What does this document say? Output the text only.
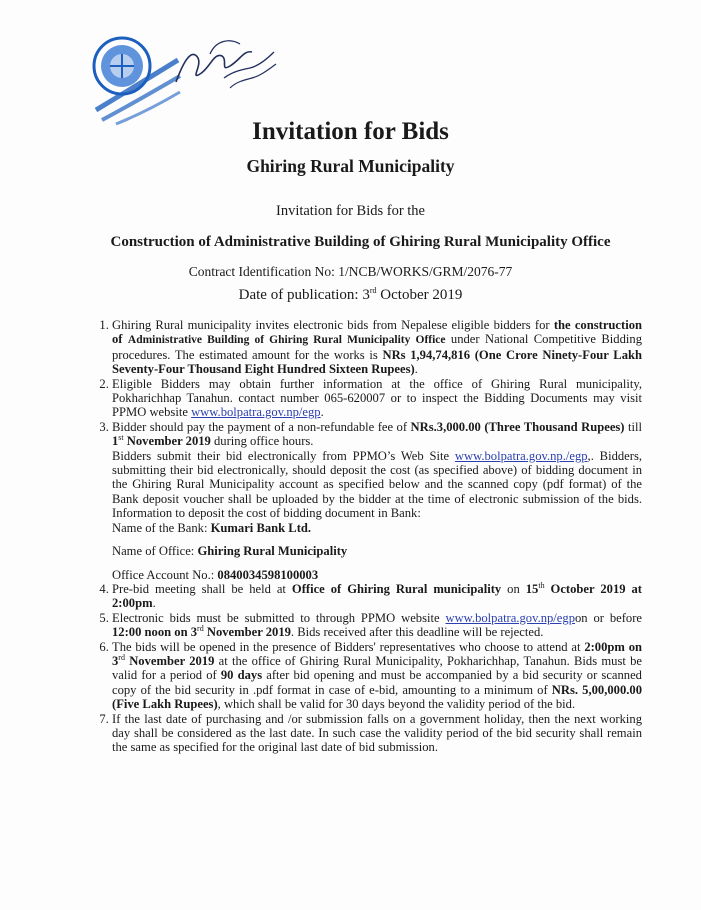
Invitation for Bids
Ghiring Rural Municipality
Invitation for Bids for the
Construction of Administrative Building of Ghiring Rural Municipality Office
Contract Identification No: 1/NCB/WORKS/GRM/2076-77
Date of publication: 3rd October 2019
1. Ghiring Rural municipality invites electronic bids from Nepalese eligible bidders for the construction of Administrative Building of Ghiring Rural Municipality Office under National Competitive Bidding procedures. The estimated amount for the works is NRs 1,94,74,816 (One Crore Ninety-Four Lakh Seventy-Four Thousand Eight Hundred Sixteen Rupees).
2. Eligible Bidders may obtain further information at the office of Ghiring Rural municipality, Pokharichhap Tanahun. contact number 065-620007 or to inspect the Bidding Documents may visit PPMO website www.bolpatra.gov.np/egp.
3. Bidder should pay the payment of a non-refundable fee of NRs.3,000.00 (Three Thousand Rupees) till 1st November 2019 during office hours.
Bidders submit their bid electronically from PPMO’s Web Site www.bolpatra.gov.np./egp,. Bidders, submitting their bid electronically, should deposit the cost (as specified above) of bidding document in the Ghiring Rural Municipality account as specified below and the scanned copy (pdf format) of the Bank deposit voucher shall be uploaded by the bidder at the time of electronic submission of the bids. Information to deposit the cost of bidding document in Bank:
Name of the Bank: Kumari Bank Ltd.

Name of Office: Ghiring Rural Municipality

Office Account No.: 0840034598100003

4. Pre-bid meeting shall be held at Office of Ghiring Rural municipality on 15th October 2019 at 2:00pm.
5. Electronic bids must be submitted to through PPMO website www.bolpatra.gov.np/egpon or before 12:00 noon on 3rd November 2019. Bids received after this deadline will be rejected.
6. The bids will be opened in the presence of Bidders' representatives who choose to attend at 2:00pm on 3rd November 2019 at the office of Ghiring Rural Municipality, Pokharichhap, Tanahun. Bids must be valid for a period of 90 days after bid opening and must be accompanied by a bid security or scanned copy of the bid security in .pdf format in case of e-bid, amounting to a minimum of NRs. 5,00,000.00 (Five Lakh Rupees), which shall be valid for 30 days beyond the validity period of the bid.
7. If the last date of purchasing and /or submission falls on a government holiday, then the next working day shall be considered as the last date. In such case the validity period of the bid security shall remain the same as specified for the original last date of bid submission.
